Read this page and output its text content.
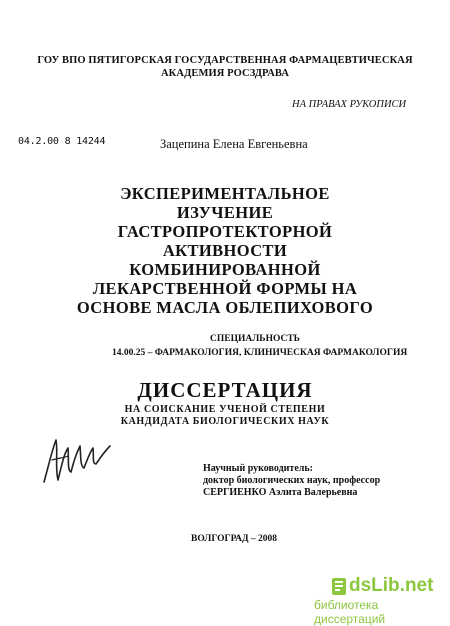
ГОУ ВПО ПЯТИГОРСКАЯ ГОСУДАРСТВЕННАЯ ФАРМАЦЕВТИЧЕСКАЯ
АКАДЕМИЯ РОСЗДРАВА
НА ПРАВАХ РУКОПИСИ
04.2.00 8 14244	Зацепина Елена Евгеньевна
ЭКСПЕРИМЕНТАЛЬНОЕ
ИЗУЧЕНИЕ
ГАСТРОПРОТЕКТОРНОЙ
АКТИВНОСТИ
КОМБИНИРОВАННОЙ
ЛЕКАРСТВЕННОЙ ФОРМЫ НА
ОСНОВЕ МАСЛА ОБЛЕПИХОВОГО
СПЕЦИАЛЬНОСТЬ
14.00.25 – ФАРМАКОЛОГИЯ, КЛИНИЧЕСКАЯ ФАРМАКОЛОГИЯ
ДИССЕРТАЦИЯ
НА СОИСКАНИЕ УЧЕНОЙ СТЕПЕНИ
КАНДИДАТА БИОЛОГИЧЕСКИХ НАУК
Научный руководитель:
доктор биологических наук, профессор
СЕРГИЕНКО Аэлита Валерьевна
ВОЛГОГРАД – 2008
dsLib.net
библиотека диссертаций
